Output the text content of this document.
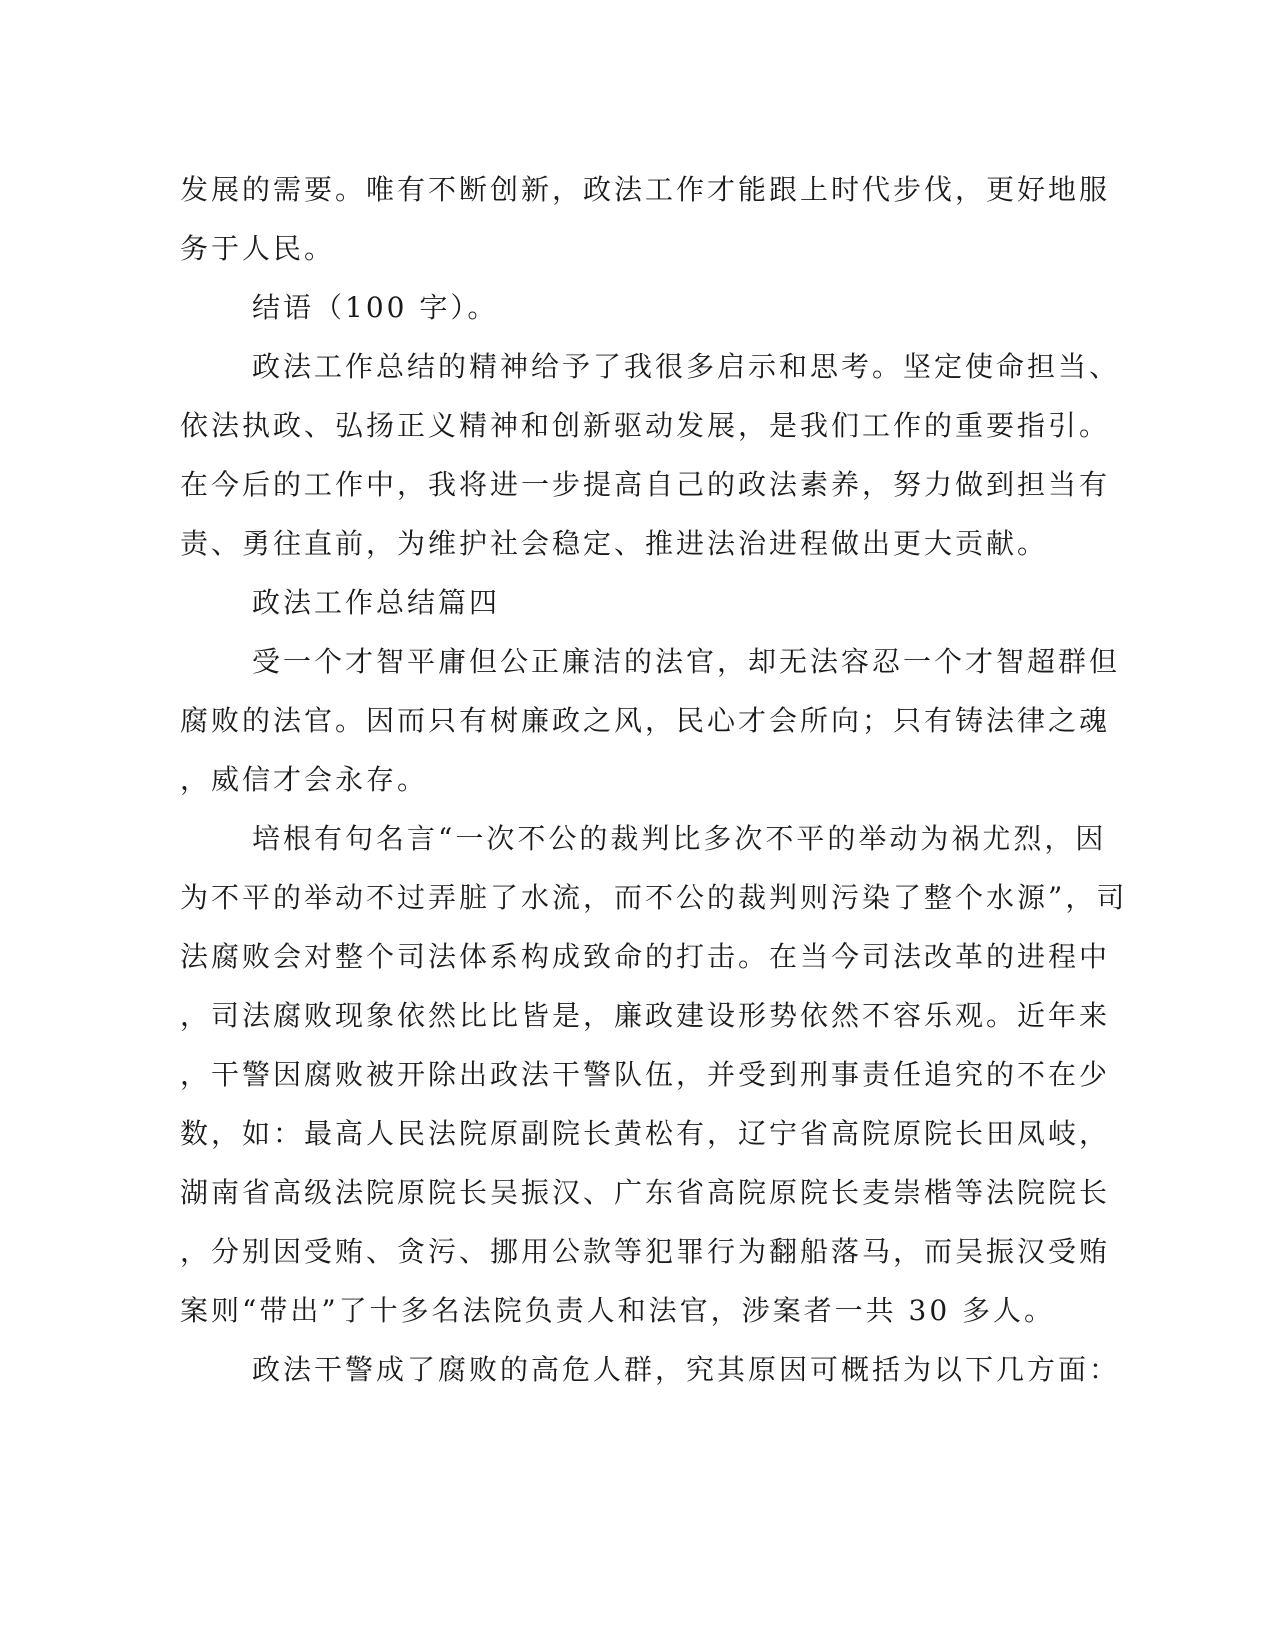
发展的需要。唯有不断创新，政法工作才能跟上时代步伐，更好地服
务于人民。
结语（100 字）。
政法工作总结的精神给予了我很多启示和思考。坚定使命担当、
依法执政、弘扬正义精神和创新驱动发展，是我们工作的重要指引。
在今后的工作中，我将进一步提高自己的政法素养，努力做到担当有
责、勇往直前，为维护社会稳定、推进法治进程做出更大贡献。
政法工作总结篇四
受一个才智平庸但公正廉洁的法官，却无法容忍一个才智超群但
腐败的法官。因而只有树廉政之风，民心才会所向；只有铸法律之魂
，威信才会永存。
培根有句名言“一次不公的裁判比多次不平的举动为祸尤烈，因
为不平的举动不过弄脏了水流，而不公的裁判则污染了整个水源”，司
法腐败会对整个司法体系构成致命的打击。在当今司法改革的进程中
，司法腐败现象依然比比皆是，廉政建设形势依然不容乐观。近年来
，干警因腐败被开除出政法干警队伍，并受到刑事责任追究的不在少
数，如：最高人民法院原副院长黄松有，辽宁省高院原院长田凤岐，
湖南省高级法院原院长吴振汉、广东省高院原院长麦崇楷等法院院长
，分别因受贿、贪污、挪用公款等犯罪行为翻船落马，而吴振汉受贿
案则“带出”了十多名法院负责人和法官，涉案者一共 30 多人。
政法干警成了腐败的高危人群，究其原因可概括为以下几方面：
